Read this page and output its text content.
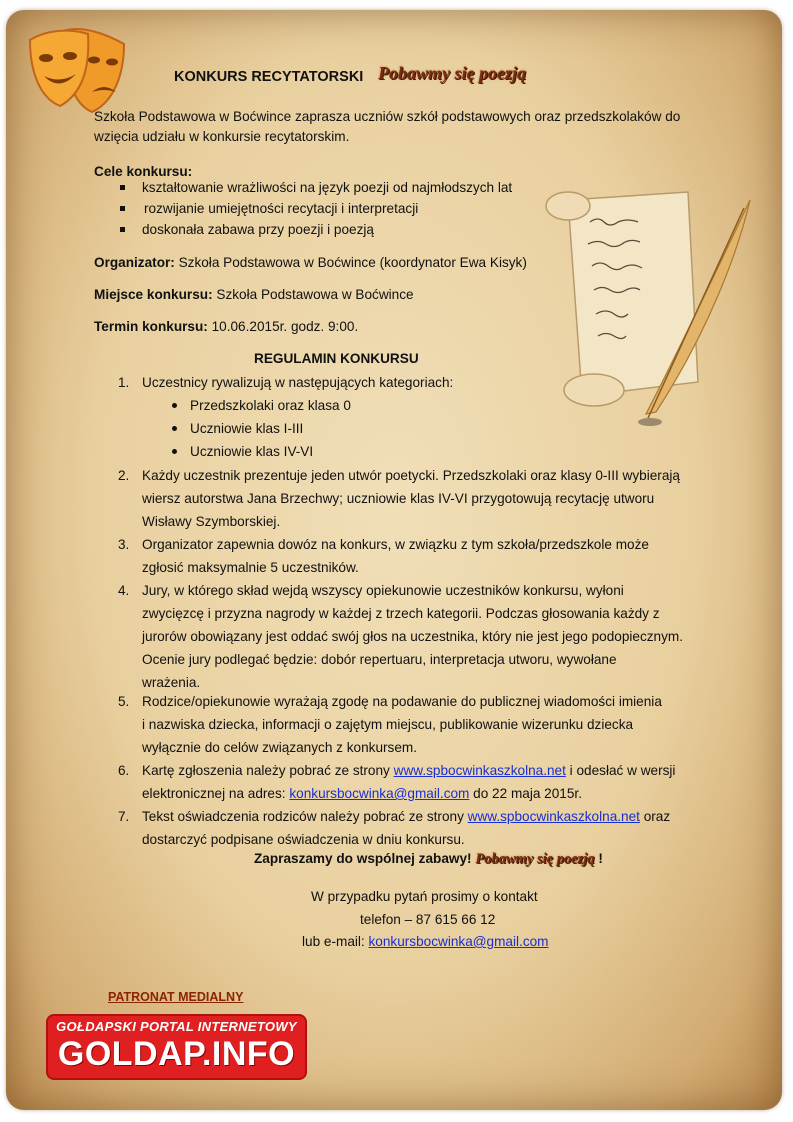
KONKURS RECYTATORSKI Pobawmy się poezją
Szkoła Podstawowa w Boćwince zaprasza uczniów szkół podstawowych oraz przedszkolaków do
wzięcia udziału w konkursie recytatorskim.
Cele konkursu:
kształtowanie wrażliwości na język poezji od najmłodszych lat
rozwijanie umiejętności recytacji i interpretacji
doskonała zabawa przy poezji i poezją
Organizator: Szkoła Podstawowa w Boćwince (koordynator Ewa Kisyk)
Miejsce konkursu: Szkoła Podstawowa w Boćwince
Termin konkursu: 10.06.2015r. godz. 9:00.
REGULAMIN KONKURSU
1. Uczestnicy rywalizują w następujących kategoriach:
Przedszkolaki oraz klasa 0
Uczniowie klas I-III
Uczniowie klas IV-VI
2. Każdy uczestnik prezentuje jeden utwór poetycki. Przedszkolaki oraz klasy 0-III wybierają
wiersz autorstwa Jana Brzechwy; uczniowie klas IV-VI przygotowują recytację utworu
Wisławy Szymborskiej.
3. Organizator zapewnia dowóz na konkurs, w związku z tym szkoła/przedszkole może
zgłosić maksymalnie 5 uczestników.
4. Jury, w którego skład wejdą wszyscy opiekunowie uczestników konkursu, wyłoni
zwycięzcę i przyzna nagrody w każdej z trzech kategorii. Podczas głosowania każdy z
jurorów obowiązany jest oddać swój głos na uczestnika, który nie jest jego podopiecznym.
Ocenie jury podlegać będzie: dobór repertuaru, interpretacja utworu, wywołane
wrażenia.
5. Rodzice/opiekunowie wyrażają zgodę na podawanie do publicznej wiadomości imienia
i nazwiska dziecka, informacji o zajętym miejscu, publikowanie wizerunku dziecka
wyłącznie do celów związanych z konkursem.
6. Kartę zgłoszenia należy pobrać ze strony www.spbocwinkaszkolna.net i odesłać w wersji
elektronicznej na adres: konkursbocwinka@gmail.com do 22 maja 2015r.
7. Tekst oświadczenia rodziców należy pobrać ze strony www.spbocwinkaszkolna.net oraz
dostarczyć podpisane oświadczenia w dniu konkursu.
Zapraszamy do wspólnej zabawy! Pobawmy się poezją !
W przypadku pytań prosimy o kontakt
telefon – 87 615 66 12
lub e-mail: konkursbocwinka@gmail.com
PATRONAT MEDIALNY
GOŁDAPSKI PORTAL INTERNETOWY
GOLDAP.INFO
